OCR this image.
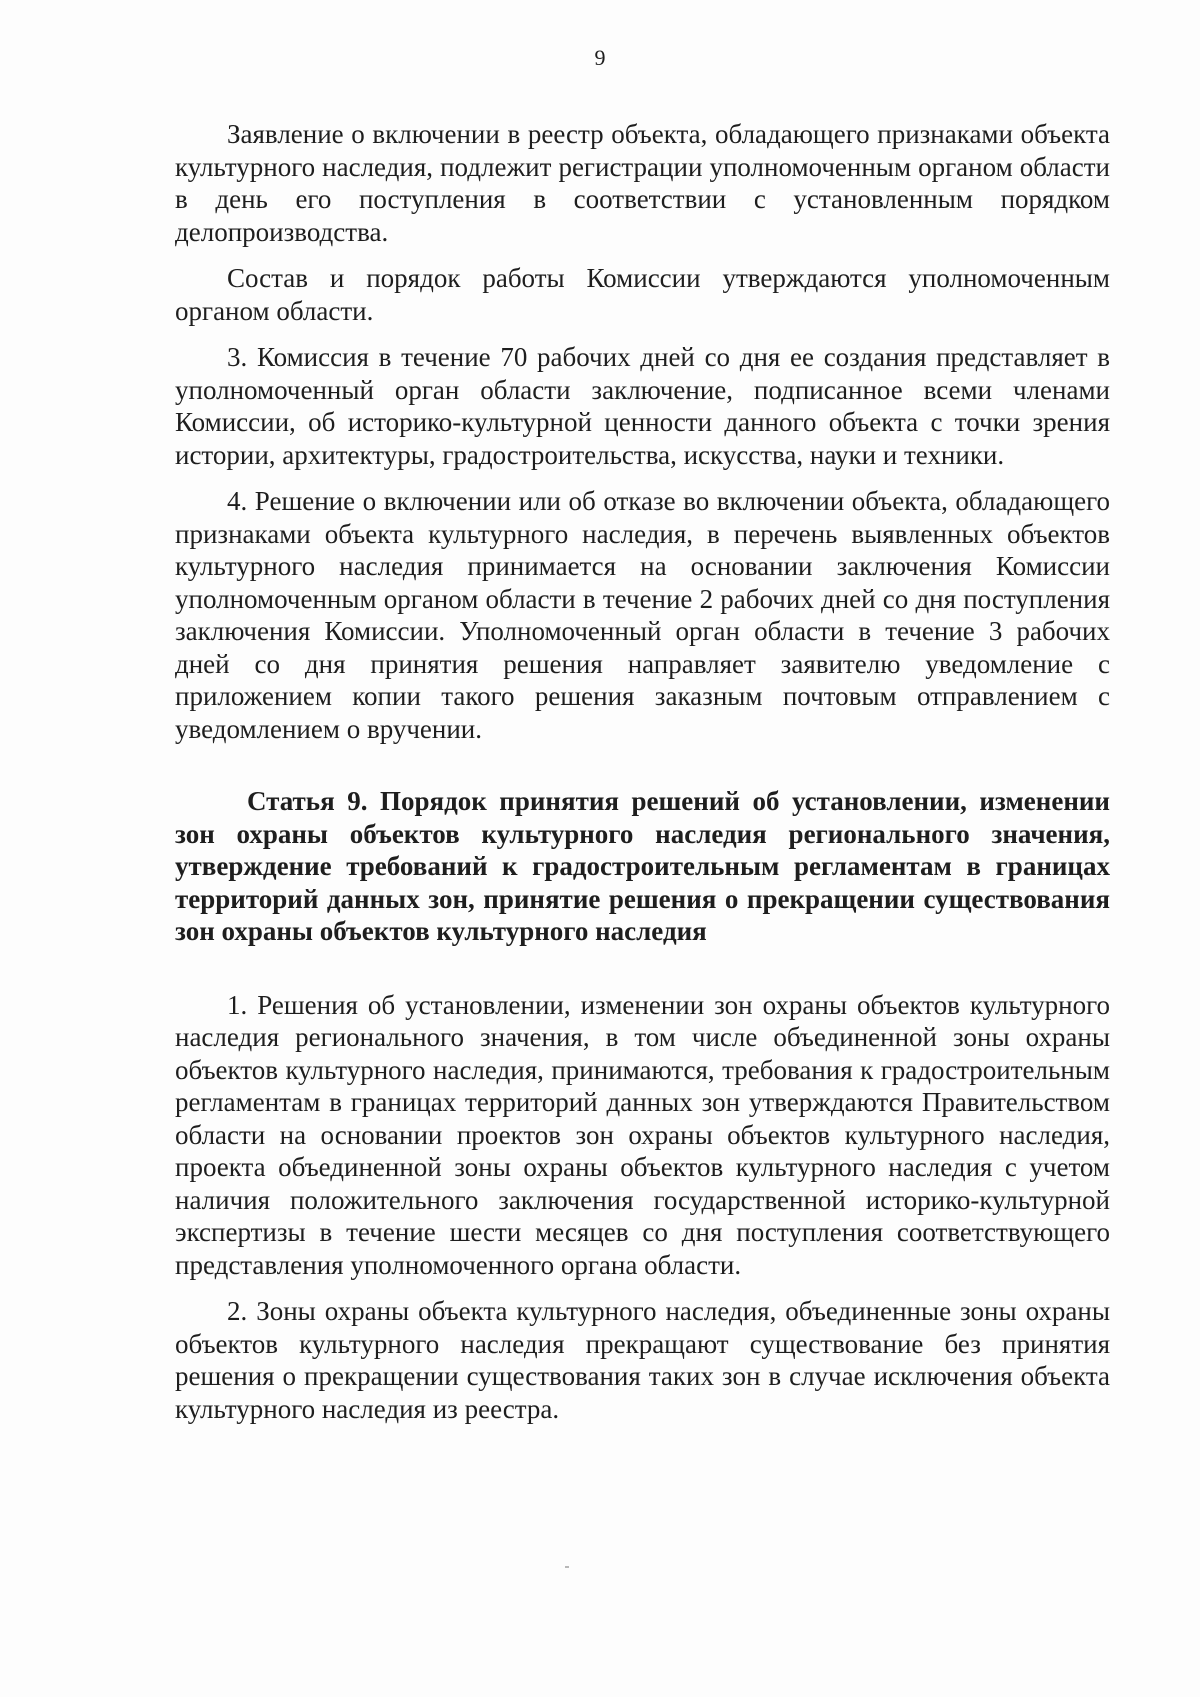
9

Заявление о включении в реестр объекта, обладающего признаками объекта культурного наследия, подлежит регистрации уполномоченным органом области в день его поступления в соответствии с установленным порядком делопроизводства.

Состав и порядок работы Комиссии утверждаются уполномоченным органом области.

3. Комиссия в течение 70 рабочих дней со дня ее создания представляет в уполномоченный орган области заключение, подписанное всеми членами Комиссии, об историко-культурной ценности данного объекта с точки зрения истории, архитектуры, градостроительства, искусства, науки и техники.

4. Решение о включении или об отказе во включении объекта, обладающего признаками объекта культурного наследия, в перечень выявленных объектов культурного наследия принимается на основании заключения Комиссии уполномоченным органом области в течение 2 рабочих дней со дня поступления заключения Комиссии. Уполномоченный орган области в течение 3 рабочих дней со дня принятия решения направляет заявителю уведомление с приложением копии такого решения заказным почтовым отправлением с уведомлением о вручении.

Статья 9. Порядок принятия решений об установлении, изменении зон охраны объектов культурного наследия регионального значения, утверждение требований к градостроительным регламентам в границах территорий данных зон, принятие решения о прекращении существования зон охраны объектов культурного наследия

1. Решения об установлении, изменении зон охраны объектов культурного наследия регионального значения, в том числе объединенной зоны охраны объектов культурного наследия, принимаются, требования к градостроительным регламентам в границах территорий данных зон утверждаются Правительством области на основании проектов зон охраны объектов культурного наследия, проекта объединенной зоны охраны объектов культурного наследия с учетом наличия положительного заключения государственной историко-культурной экспертизы в течение шести месяцев со дня поступления соответствующего представления уполномоченного органа области.

2. Зоны охраны объекта культурного наследия, объединенные зоны охраны объектов культурного наследия прекращают существование без принятия решения о прекращении существования таких зон в случае исключения объекта культурного наследия из реестра.
